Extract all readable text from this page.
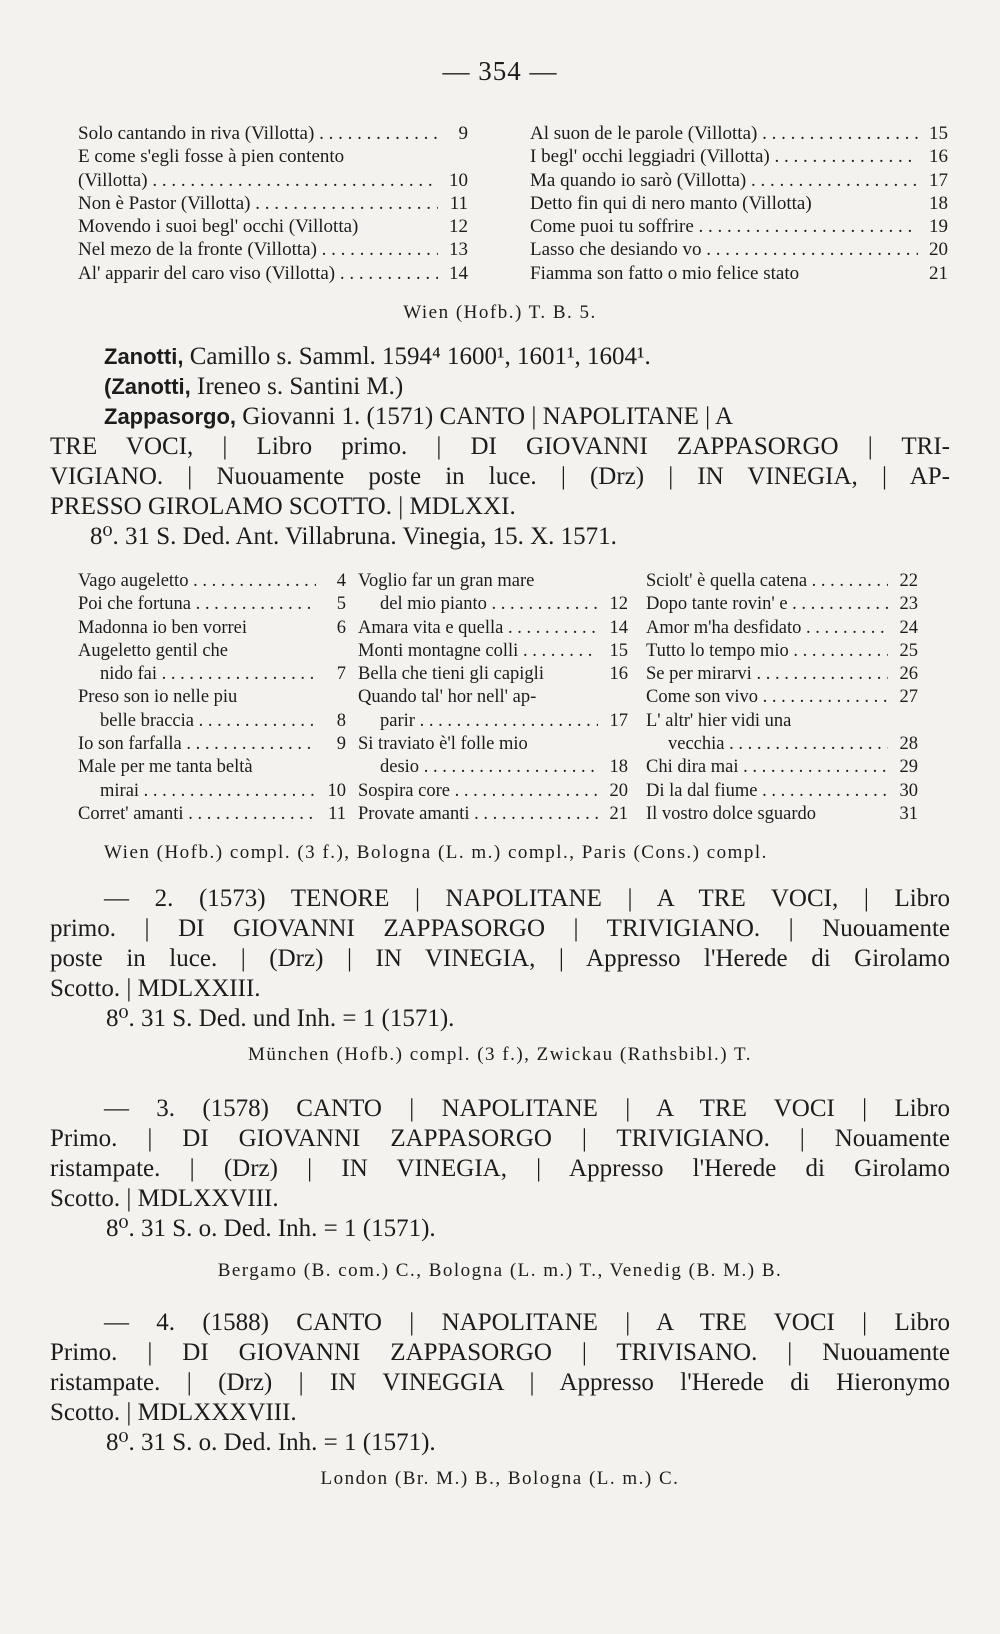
— 354 —
Solo cantando in riva (Villotta) . . .	9
E come s'egli fosse à pien contento
(Villotta) . . .	10
Non è Pastor (Villotta) . . .	11
Movendo i suoi begl' occhi (Villotta)	12
Nel mezo de la fronte (Villotta) . . .	13
Al' apparir del caro viso (Villotta) . . .	14
Al suon de le parole (Villotta) . . .	15
I begl' occhi leggiadri (Villotta) . . .	16
Ma quando io sarò (Villotta) . . .	17
Detto fin qui di nero manto (Villotta)	18
Come puoi tu soffrire . . .	19
Lasso che desiando vo . . .	20
Fiamma son fatto o mio felice stato	21
Wien (Hofb.) T. B. 5.
Zanotti, Camillo s. Samml. 1594⁴ 1600¹, 1601¹, 1604¹.
(Zanotti, Ireneo s. Santini M.)
Zappasorgo, Giovanni 1. (1571) CANTO | NAPOLITANE | A
TRE VOCI, | Libro primo. | DI GIOVANNI ZAPPASORGO | TRI-
VIGIANO. | Nuouamente poste in luce. | (Drz) | IN VINEGIA, | AP-
PRESSO GIROLAMO SCOTTO. | MDLXXI.
8⁰. 31 S. Ded. Ant. Villabruna. Vinegia, 15. X. 1571.
Vago augeletto . . .	4
Poi che fortuna . . .	5
Madonna io ben vorrei	6
Augeletto gentil che
nido fai . . .	7
Preso son io nelle piu
belle braccia . . .	8
Io son farfalla . . .	9
Male per me tanta beltà
mirai . . .	10
Corret' amanti . . .	11
Voglio far un gran mare
del mio pianto . . .	12
Amara vita e quella . . .	14
Monti montagne colli . . .	15
Bella che tieni gli capigli	16
Quando tal' hor nell' ap-
parir . . .	17
Si traviato è'l folle mio
desio . . .	18
Sospira core . . .	20
Provate amanti . . .	21
Sciolt' è quella catena . . .	22
Dopo tante rovin' e . . .	23
Amor m'ha desfidato . . .	24
Tutto lo tempo mio . . .	25
Se per mirarvi . . .	26
Come son vivo . . .	27
L' altr' hier vidi una
vecchia . . .	28
Chi dira mai . . .	29
Di la dal fiume . . .	30
Il vostro dolce sguardo	31
Wien (Hofb.) compl. (3 f.), Bologna (L. m.) compl., Paris (Cons.) compl.
— 2. (1573) TENORE | NAPOLITANE | A TRE VOCI, | Libro
primo. | DI GIOVANNI ZAPPASORGO | TRIVIGIANO. | Nuouamente
poste in luce. | (Drz) | IN VINEGIA, | Appresso l'Herede di Girolamo
Scotto. | MDLXXIII.
8⁰. 31 S. Ded. und Inh. = 1 (1571).
München (Hofb.) compl. (3 f.), Zwickau (Rathsbibl.) T.
— 3. (1578) CANTO | NAPOLITANE | A TRE VOCI | Libro
Primo. | DI GIOVANNI ZAPPASORGO | TRIVIGIANO. | Nouamente
ristampate. | (Drz) | IN VINEGIA, | Appresso l'Herede di Girolamo
Scotto. | MDLXXVIII.
8⁰. 31 S. o. Ded. Inh. = 1 (1571).
Bergamo (B. com.) C., Bologna (L. m.) T., Venedig (B. M.) B.
— 4. (1588) CANTO | NAPOLITANE | A TRE VOCI | Libro
Primo. | DI GIOVANNI ZAPPASORGO | TRIVISANO. | Nuouamente
ristampate. | (Drz) | IN VINEGGIA | Appresso l'Herede di Hieronymo
Scotto. | MDLXXXVIII.
8⁰. 31 S. o. Ded. Inh. = 1 (1571).
London (Br. M.) B., Bologna (L. m.) C.
